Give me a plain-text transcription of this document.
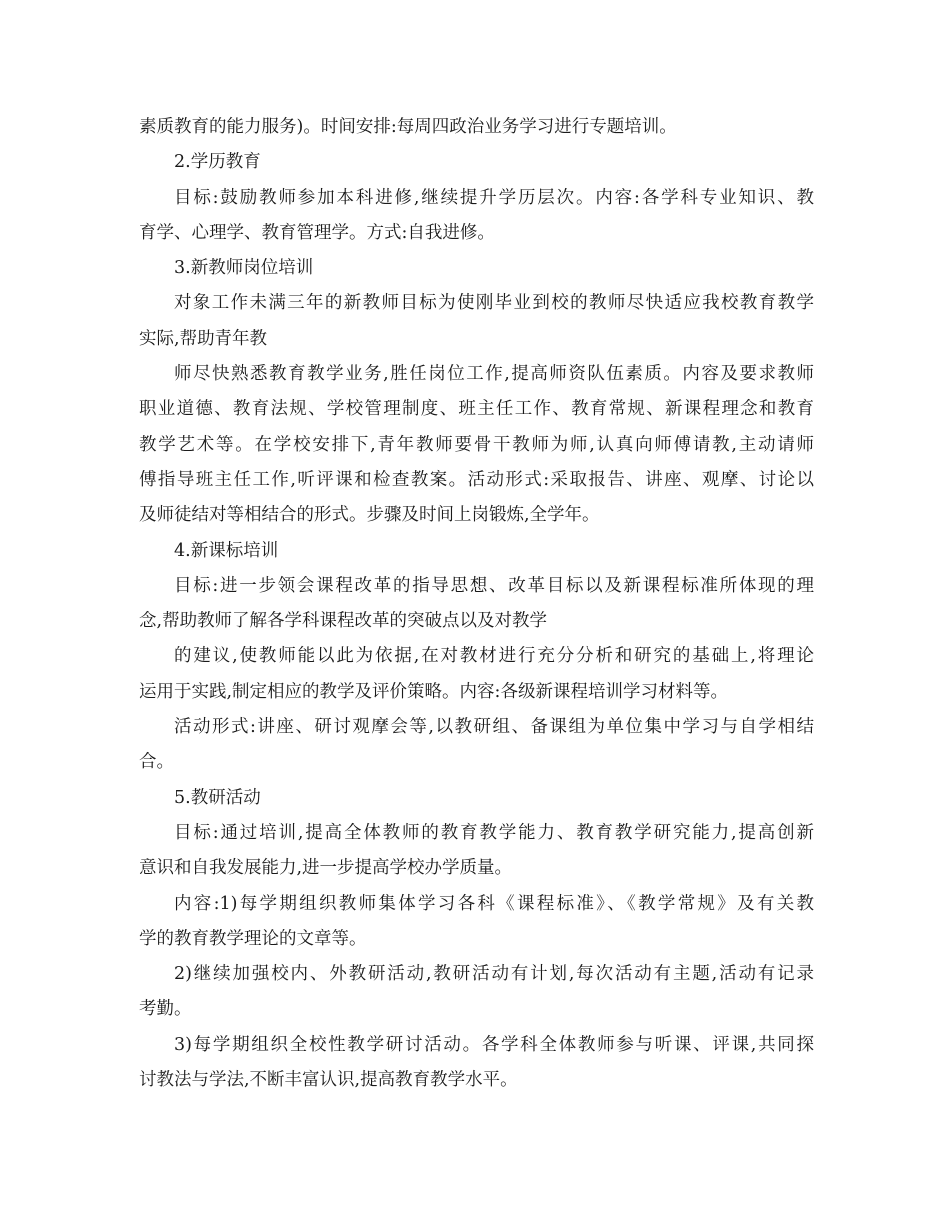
素质教育的能力服务)。时间安排:每周四政治业务学习进行专题培训。
2.学历教育
目标:鼓励教师参加本科进修,继续提升学历层次。内容:各学科专业知识、教
育学、心理学、教育管理学。方式:自我进修。
3.新教师岗位培训
对象工作未满三年的新教师目标为使刚毕业到校的教师尽快适应我校教育教学
实际,帮助青年教
师尽快熟悉教育教学业务,胜任岗位工作,提高师资队伍素质。内容及要求教师
职业道德、教育法规、学校管理制度、班主任工作、教育常规、新课程理念和教育
教学艺术等。在学校安排下,青年教师要骨干教师为师,认真向师傅请教,主动请师
傅指导班主任工作,听评课和检查教案。活动形式:采取报告、讲座、观摩、讨论以
及师徒结对等相结合的形式。步骤及时间上岗锻炼,全学年。
4.新课标培训
目标:进一步领会课程改革的指导思想、改革目标以及新课程标准所体现的理
念,帮助教师了解各学科课程改革的突破点以及对教学
的建议,使教师能以此为依据,在对教材进行充分分析和研究的基础上,将理论
运用于实践,制定相应的教学及评价策略。内容:各级新课程培训学习材料等。
活动形式:讲座、研讨观摩会等,以教研组、备课组为单位集中学习与自学相结
合。
5.教研活动
目标:通过培训,提高全体教师的教育教学能力、教育教学研究能力,提高创新
意识和自我发展能力,进一步提高学校办学质量。
内容:1)每学期组织教师集体学习各科《课程标准》、《教学常规》及有关教
学的教育教学理论的文章等。
2)继续加强校内、外教研活动,教研活动有计划,每次活动有主题,活动有记录
考勤。
3)每学期组织全校性教学研讨活动。各学科全体教师参与听课、评课,共同探
讨教法与学法,不断丰富认识,提高教育教学水平。
